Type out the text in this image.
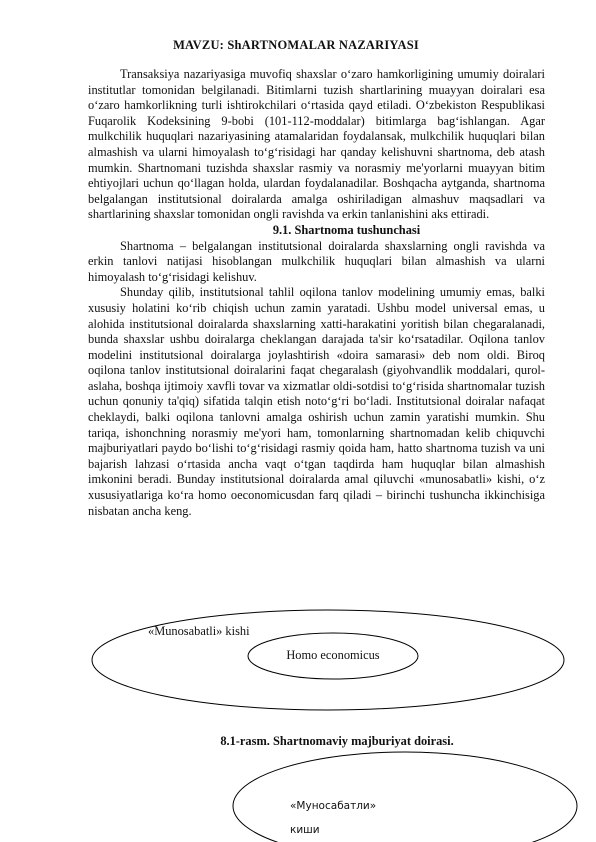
MAVZU: ShARTNOMALAR NAZARIYASI

Transaksiya nazariyasiga muvofiq shaxslar o‘zaro hamkorligining umumiy doiralari institutlar tomonidan belgilanadi. Bitimlarni tuzish shartlarining muayyan doiralari esa o‘zaro hamkorlikning turli ishtirokchilari o‘rtasida qayd etiladi. O‘zbekiston Respublikasi Fuqarolik Kodeksining 9-bobi (101-112-moddalar) bitimlarga bag‘ishlangan. Agar mulkchilik huquqlari nazariyasining atamalaridan foydalansak, mulkchilik huquqlari bilan almashish va ularni himoyalash to‘g‘risidagi har qanday kelishuvni shartnoma, deb atash mumkin. Shartnomani tuzishda shaxslar rasmiy va norasmiy me'yorlarni muayyan bitim ehtiyojlari uchun qo‘llagan holda, ulardan foydalanadilar. Boshqacha aytganda, shartnoma belgalangan institutsional doiralarda amalga oshiriladigan almashuv maqsadlari va shartlarining shaxslar tomonidan ongli ravishda va erkin tanlanishini aks ettiradi.

9.1. Shartnoma tushunchasi

Shartnoma – belgalangan institutsional doiralarda shaxslarning ongli ravishda va erkin tanlovi natijasi hisoblangan mulkchilik huquqlari bilan almashish va ularni himoyalash to‘g‘risidagi kelishuv.

Shunday qilib, institutsional tahlil oqilona tanlov modelining umumiy emas, balki xususiy holatini ko‘rib chiqish uchun zamin yaratadi. Ushbu model universal emas, u alohida institutsional doiralarda shaxslarning xatti-harakatini yoritish bilan chegaralanadi, bunda shaxslar ushbu doiralarga cheklangan darajada ta'sir ko‘rsatadilar. Oqilona tanlov modelini institutsional doiralarga joylashtirish «doira samarasi» deb nom oldi. Biroq oqilona tanlov institutsional doiralarini faqat chegaralash (giyohvandlik moddalari, qurol-aslaha, boshqa ijtimoiy xavfli tovar va xizmatlar oldi-sotdisi to‘g‘risida shartnomalar tuzish uchun qonuniy ta'qiq) sifatida talqin etish noto‘g‘ri bo‘ladi. Institutsional doiralar nafaqat cheklaydi, balki oqilona tanlovni amalga oshirish uchun zamin yaratishi mumkin. Shu tariqa, ishonchning norasmiy me'yori ham, tomonlarning shartnomadan kelib chiquvchi majburiyatlari paydo bo‘lishi to‘g‘risidagi rasmiy qoida ham, hatto shartnoma tuzish va uni bajarish lahzasi o‘rtasida ancha vaqt o‘tgan taqdirda ham huquqlar bilan almashish imkonini beradi. Bunday institutsional doiralarda amal qiluvchi «munosabatli» kishi, o‘z xususiyatlariga ko‘ra homo oeconomicusdan farq qiladi – birinchi tushuncha ikkinchisiga nisbatan ancha keng.

«Munosabatli» kishi
Homo economicus
8.1-rasm. Shartnomaviy majburiyat doirasi.
«Муносабатли»
киши
